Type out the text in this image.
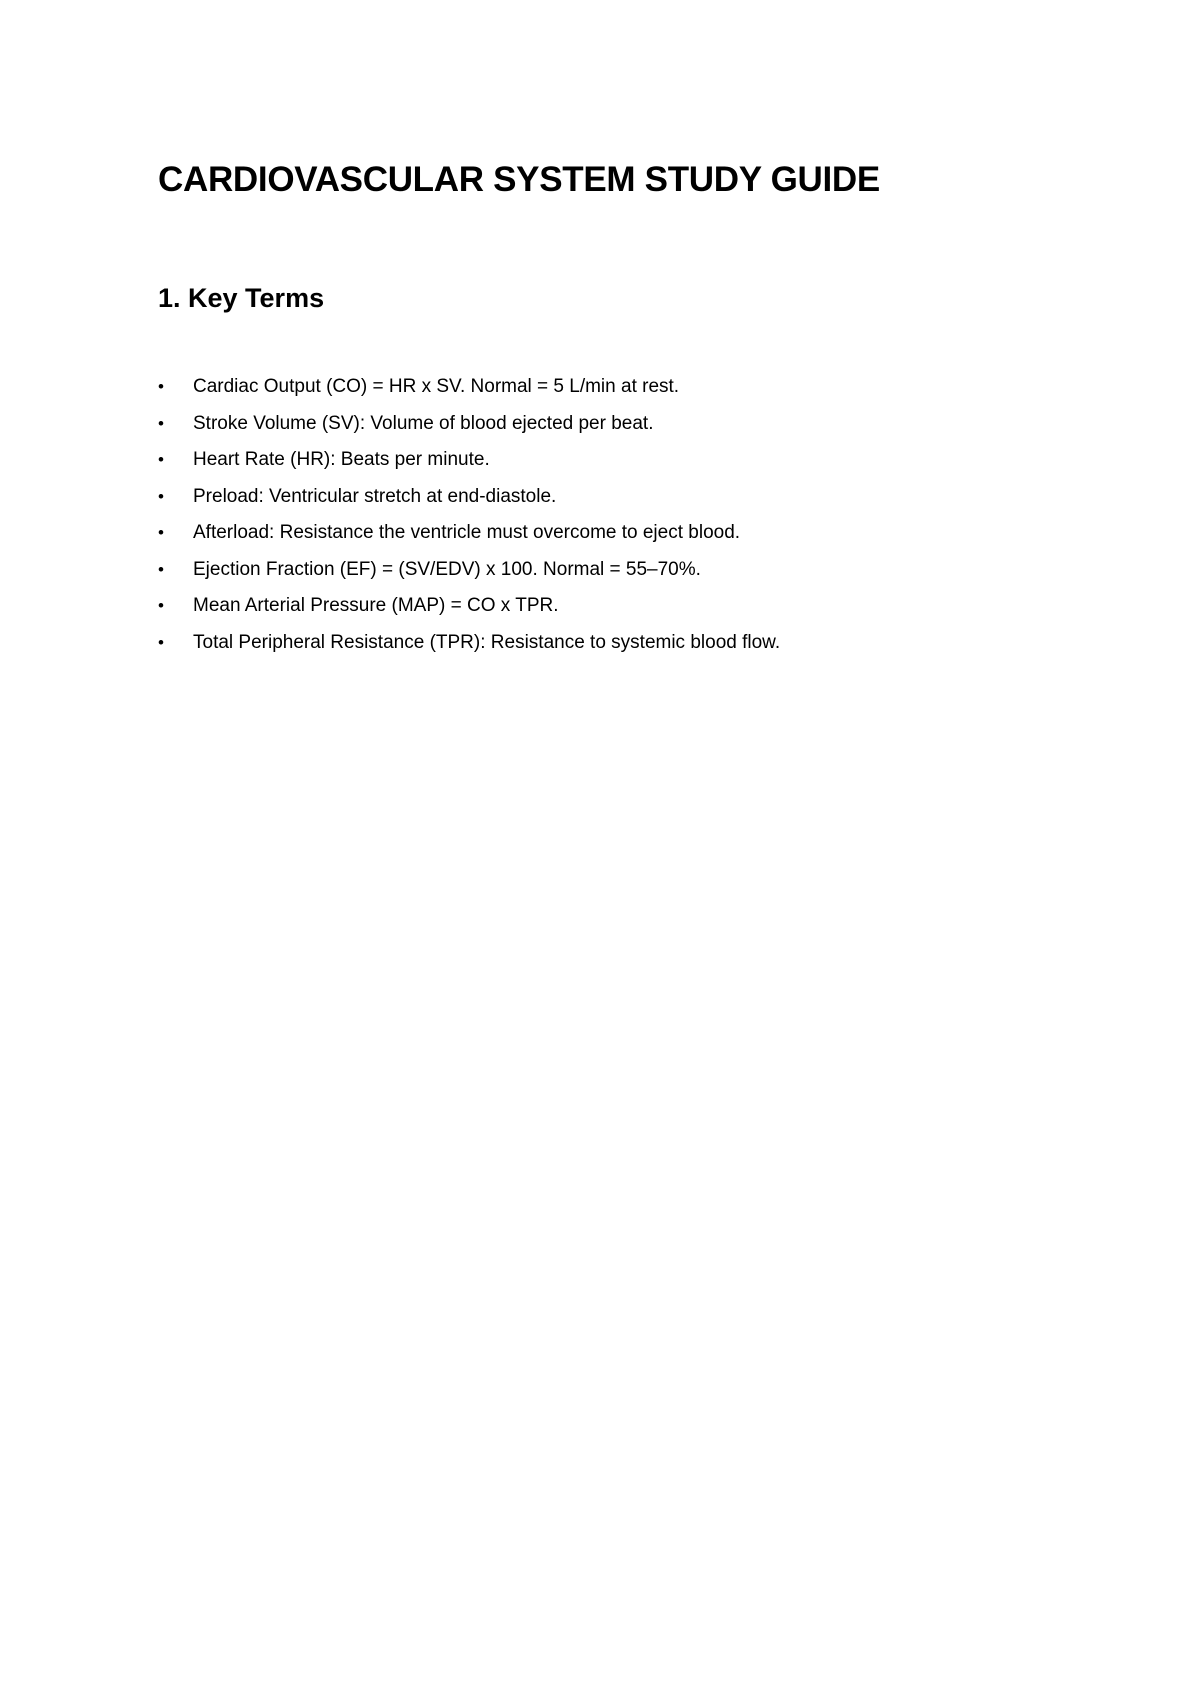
CARDIOVASCULAR SYSTEM STUDY GUIDE
1. Key Terms
• Cardiac Output (CO) = HR x SV. Normal = 5 L/min at rest.
• Stroke Volume (SV): Volume of blood ejected per beat.
• Heart Rate (HR): Beats per minute.
• Preload: Ventricular stretch at end-diastole.
• Afterload: Resistance the ventricle must overcome to eject blood.
• Ejection Fraction (EF) = (SV/EDV) x 100. Normal = 55–70%.
• Mean Arterial Pressure (MAP) = CO x TPR.
• Total Peripheral Resistance (TPR): Resistance to systemic blood flow.
